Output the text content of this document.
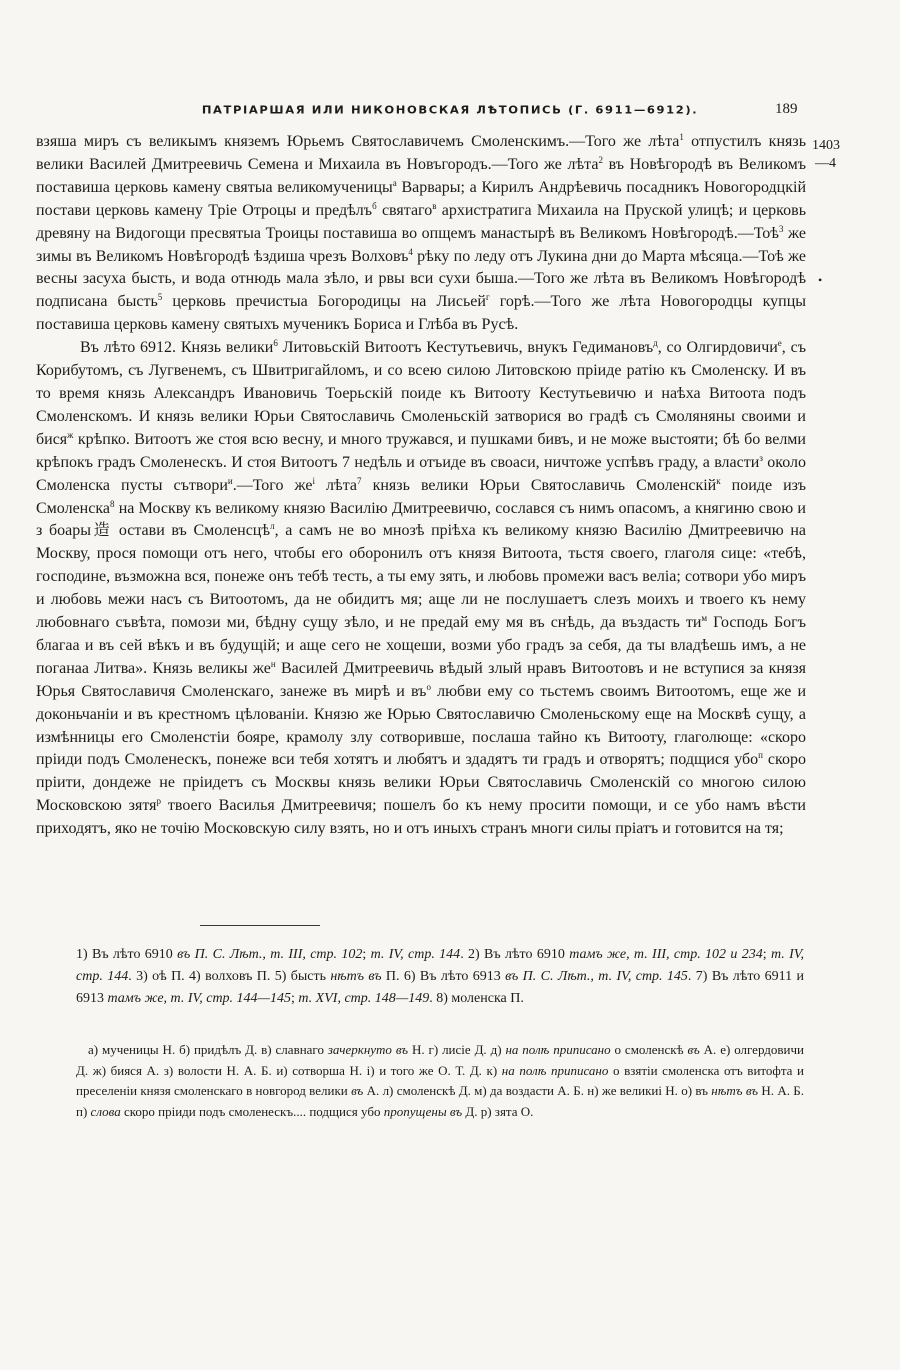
ПАТРІАРШАЯ ИЛИ НИКОНОВСКАЯ ЛѢТОПИСЬ (Г. 6911—6912).	189
1403
—4
•

взяша миръ съ великымъ княземъ Юрьемъ Святославичемъ Смоленскимъ.—Того же лѣта$^1$ отпустилъ князь велики Василей Дмитреевичь Семена и Михаила въ Новъгородъ.—Того же лѣта$^2$ въ Новѣгородѣ въ Великомъ поставиша церковь камену святыа великомученицы$^а$ Варвары; а Кирилъ Андрѣевичь посадникъ Новогородцкій постави церковь камену Тріе Отроцы и предѣлъ$^б$ святаго$^в$ архистратига Михаила на Пруской улицѣ; и церковь древяну на Видогощи пресвятыа Троицы поставиша во опщемъ манастырѣ въ Великомъ Новѣгородѣ.—Тоѣ$^3$ же зимы въ Великомъ Новѣгородѣ ѣздиша чрезъ Волховъ$^4$ рѣку по леду отъ Лукина дни до Марта мѣсяца.—Тоѣ же весны засуха бысть, и вода отнюдь мала зѣло, и рвы вси сухи быша.—Того же лѣта въ Великомъ Новѣгородѣ подписана бысть$^5$ церковь пречистыа Богородицы на Лисьей$^г$ горѣ.—Того же лѣта Новогородцы купцы поставиша церковь камену святыхъ мученикъ Бориса и Глѣба въ Русѣ.

Въ лѣто 6912. Князь велики$^6$ Литовьскій Витоотъ Кестутьевичь, внукъ Гедимановъ$^д$, со Олгирдовичи$^е$, съ Корибутомъ, съ Лугвенемъ, съ Швитригайломъ, и со всею силою Литовскою пріиде ратію къ Смоленску. И въ то время князь Александръ Ивановичь Тоерьскій поиде къ Витооту Кестутьевичю и наѣха Витоота подъ Смоленскомъ. И князь велики Юрьи Святославичь Смоленьскій затворися во градѣ съ Смоляняны своими и бися$^ж$ крѣпко. Витоотъ же стоя всю весну, и много тружався, и пушками бивъ, и не може выстояти; бѣ бо велми крѣпокъ градъ Смоленескъ. И стоя Витоотъ 7 недѣль и отъиде въ своаси, ничтоже успѣвъ граду, а власти$^з$ около Смоленска пусты сътвори$^и$.—Того $же^і$ лѣта$^7$ князь велики Юрьи Святославичь Смоленскій$^к$ поиде изъ Смоленска$^8$ на Москву къ великому князю Василію Дмитреевичю, сослався съ нимъ опасомъ, а княгиню свою и з боары造 остави въ Смоленсцѣ$^л$, а самъ не во мнозѣ пріѣха къ великому князю Василію Дмитреевичю на Москву, прося помощи отъ него, чтобы его оборонилъ отъ князя Витоота, тьстя своего, глаголя сице: «тебѣ, господине, възможна вся, понеже онъ тебѣ тесть, а ты ему зять, и любовь промежи васъ веліа; сотвори убо миръ и любовь межи насъ съ Витоотомъ, да не обидитъ мя; аще ли не послушаетъ слезъ моихъ и твоего къ нему любовнаго съвѣта, помози ми, бѣдну сущу зѣло, и не предай ему мя въ снѣдь, да въздасть $ти^м$ Господь Богъ благаа и въ сей вѣкъ и въ будущій; и аще сего не хощеши, возми убо градъ за себя, да ты владѣешь имъ, а не поганаа Литва». Князь великы $же^н$ Василей Дмитреевичь вѣдый злый нравъ Витоотовъ и не вступися за князя Юрья Святославичя Смоленскаго, занеже въ мирѣ и $въ^о$ любви ему со тьстемъ своимъ Витоотомъ, еще же и доконьчаніи и въ крестномъ цѣлованіи. Князю же Юрью Святославичю Смоленьскому еще на Москвѣ сущу, а измѣнницы его Смоленстіи бояре, крамолу злу сотворивше, послаша тайно къ Витооту, глаголюще: «скоро пріиди подъ Смоленескъ, понеже вси тебя хотятъ и любятъ и здадятъ ти градъ и отворятъ; подщися убо$^п$ скоро пріити, дондеже не пріидетъ съ Москвы князь велики Юрьи Святославичь Смоленскій со многою силою Московскою зятя$^р$ твоего Василья Дмитреевичя; пошелъ бо къ нему просити помощи, и се убо намъ вѣсти приходятъ, яко не точію Московскую силу взять, но и отъ иныхъ странъ многи силы пріатъ и готовится на тя;

1) Въ лѣто 6910 въ П. С. Лѣт., т. III, стр. 102; т. IV, стр. 144. 2) Въ лѣто 6910 тамъ же, т. III, стр. 102 и 234; т. IV, стр. 144. 3) оѣ П. 4) волховъ П. 5) бысть нѣтъ въ П. 6) Въ лѣто 6913 въ П. С. Лѣт., т. IV, стр. 145. 7) Въ лѣто 6911 и 6913 тамъ же, т. IV, стр. 144—145; т. XVI, стр. 148—149. 8) моленска П.

а) мученицы Н. б) придѣлъ Д. в) славнаго зачеркнуто въ Н. г) лисіе Д. д) на полѣ приписано о смоленскѣ въ А. е) олгердовичи Д. ж) бияся А. з) волости Н. А. Б. и) сотворша Н. і) и того же О. Т. Д. к) на полѣ приписано о взятіи смоленска отъ витофта и преселеніи князя смоленскаго в новгород велики въ А. л) смоленскѣ Д. м) да воздасти А. Б. н) же великиі Н. о) въ нѣтъ въ Н. А. Б. п) слова скоро пріиди подъ смоленескъ.... подщися убо пропущены въ Д. р) зята О.
